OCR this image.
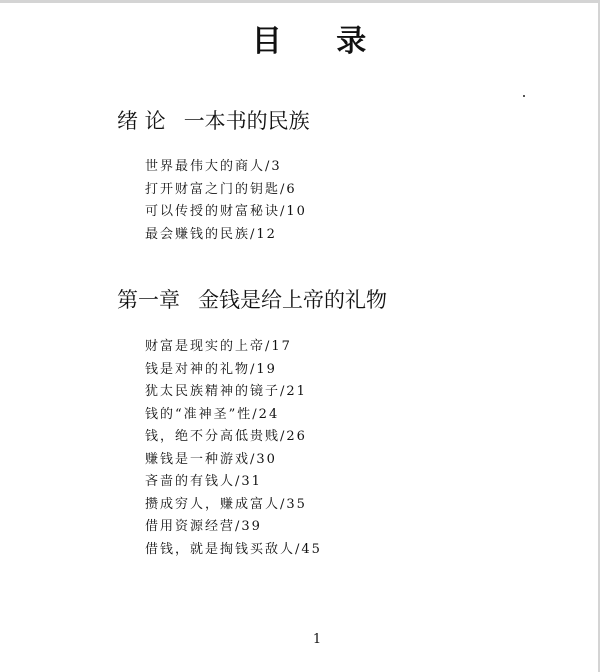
目 录
绪 论 一本书的民族
世界最伟大的商人/3
打开财富之门的钥匙/6
可以传授的财富秘诀/10
最会赚钱的民族/12
第一章 金钱是给上帝的礼物
财富是现实的上帝/17
钱是对神的礼物/19
犹太民族精神的镜子/21
钱的“准神圣”性/24
钱，绝不分高低贵贱/26
赚钱是一种游戏/30
吝啬的有钱人/31
攒成穷人，赚成富人/35
借用资源经营/39
借钱，就是掏钱买敌人/45
1
